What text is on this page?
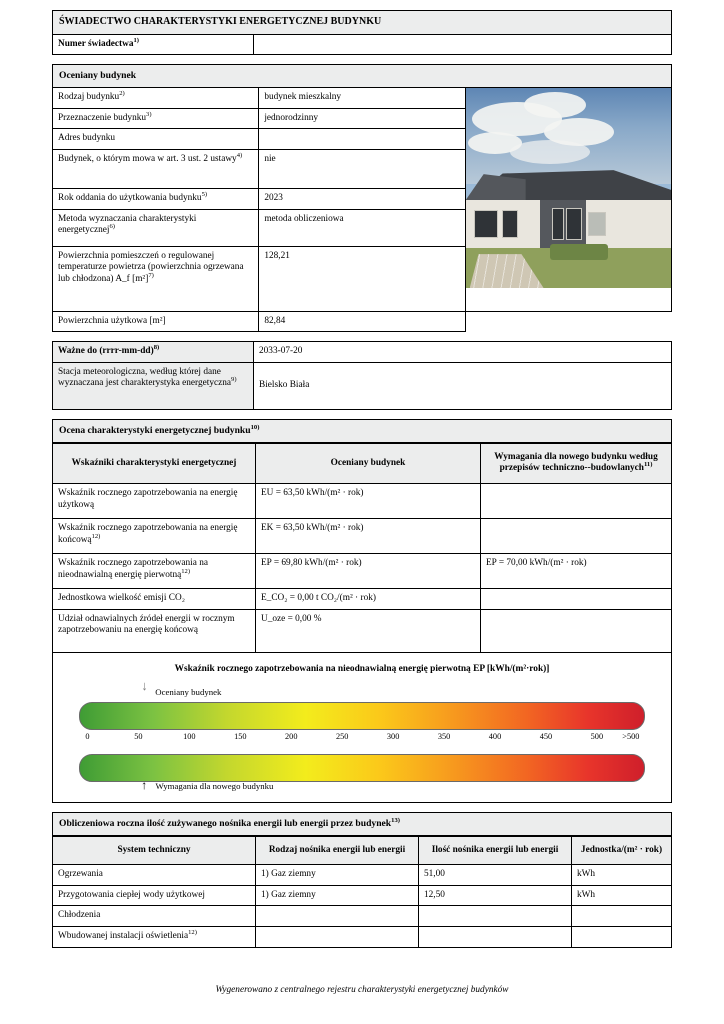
ŚWIADECTWO CHARAKTERYSTYKI ENERGETYCZNEJ BUDYNKU
Numer świadectwa$^{1)}$	
Oceniany budynek		
Rodzaj budynku$^{2)}$	budynek mieszkalny	

Przeznaczenie budynku$^{3)}$	jednorodzinny	
Adres budynku		
Budynek, o którym mowa w art. 3 ust. 2 ustawy$^{4)}$	nie	
Rok oddania do użytkowania budynku$^{5)}$	2023	
Metoda wyznaczania charakterystyki energetycznej$^{6)}$	metoda obliczeniowa	
Powierzchnia pomieszczeń o regulowanej temperaturze powietrza (powierzchnia ogrzewana lub chłodzona) A_f $[m^2]^{7)}$	128,21	
Powierzchnia użytkowa [m²]	82,84	
Ważne do (rrrr-mm-dd)$^{8)}$	2033-07-20
Stacja meteorologiczna, według której dane wyznaczana jest charakterystyka energetyczna$^{9)}$	Bielsko Biała
Ocena charakterystyki energetycznej budynku$^{10)}$
Wskaźniki charakterystyki energetycznej	Oceniany budynek	Wymagania dla nowego budynku według przepisów techniczno--budowlanych$^{11)}$
Wskaźnik rocznego zapotrzebowania na energię użytkową	EU = 63,50 kWh/(m² · rok)	
Wskaźnik rocznego zapotrzebowania na energię końcową$^{12)}$	EK = 63,50 kWh/(m² · rok)	
Wskaźnik rocznego zapotrzebowania na nieodnawialną energię pierwotną$^{12)}$	EP = 69,80 kWh/(m² · rok)	EP = 70,00 kWh/(m² · rok)
Jednostkowa wielkość emisji CO₂	E_CO₂ = 0,00 t CO₂/(m² · rok)	
Udział odnawialnych źródeł energii w rocznym zapotrzebowaniu na energię końcową	U_oze = 0,00 %	
Wskaźnik rocznego zapotrzebowania na nieodnawialną energię pierwotną EP [kWh/(m²·rok)]
↓ Oceniany budynek
0	50	100	150	200	250	300	350	400	450	500 >500
↑ Wymagania dla nowego budynku
Obliczeniowa roczna ilość zużywanego nośnika energii lub energii przez budynek$^{13)}$
System techniczny	Rodzaj nośnika energii lub energii	Ilość nośnika energii lub energii	Jednostka/(m² · rok)
Ogrzewania	1) Gaz ziemny	51,00	kWh
Przygotowania ciepłej wody użytkowej	1) Gaz ziemny	12,50	kWh
Chłodzenia			
Wbudowanej instalacji oświetlenia$^{12)}$			
Wygenerowano z centralnego rejestru charakterystyki energetycznej budynków
